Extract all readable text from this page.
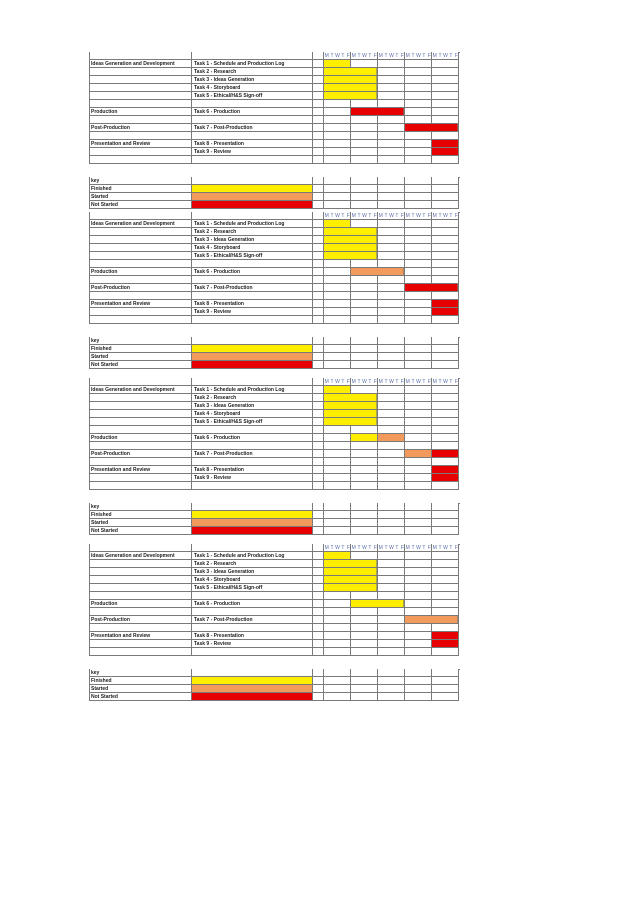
M T W T F M T W T F M T W T F M T W T F M T W T F
Ideas Generation and Development	Task 1 - Schedule and Production Log
Task 2 - Research
Task 3 - Ideas Generation
Task 4 - Storyboard
Task 5 - Ethical/H&S Sign-off
Production	Task 6 - Production
Post-Production	Task 7 - Post-Production
Presentation and Review	Task 8 - Presentation
Task 9 - Review
key
Finished
Started
Not Started
M T W T F M T W T F M T W T F M T W T F M T W T F
Ideas Generation and Development	Task 1 - Schedule and Production Log
Task 2 - Research
Task 3 - Ideas Generation
Task 4 - Storyboard
Task 5 - Ethical/H&S Sign-off
Production	Task 6 - Production
Post-Production	Task 7 - Post-Production
Presentation and Review	Task 8 - Presentation
Task 9 - Review
key
Finished
Started
Not Started
M T W T F M T W T F M T W T F M T W T F M T W T F
Ideas Generation and Development	Task 1 - Schedule and Production Log
Task 2 - Research
Task 3 - Ideas Generation
Task 4 - Storyboard
Task 5 - Ethical/H&S Sign-off
Production	Task 6 - Production
Post-Production	Task 7 - Post-Production
Presentation and Review	Task 8 - Presentation
Task 9 - Review
key
Finished
Started
Not Started
M T W T F M T W T F M T W T F M T W T F M T W T F
Ideas Generation and Development	Task 1 - Schedule and Production Log
Task 2 - Research
Task 3 - Ideas Generation
Task 4 - Storyboard
Task 5 - Ethical/H&S Sign-off
Production	Task 6 - Production
Post-Production	Task 7 - Post-Production
Presentation and Review	Task 8 - Presentation
Task 9 - Review
key
Finished
Started
Not Started
